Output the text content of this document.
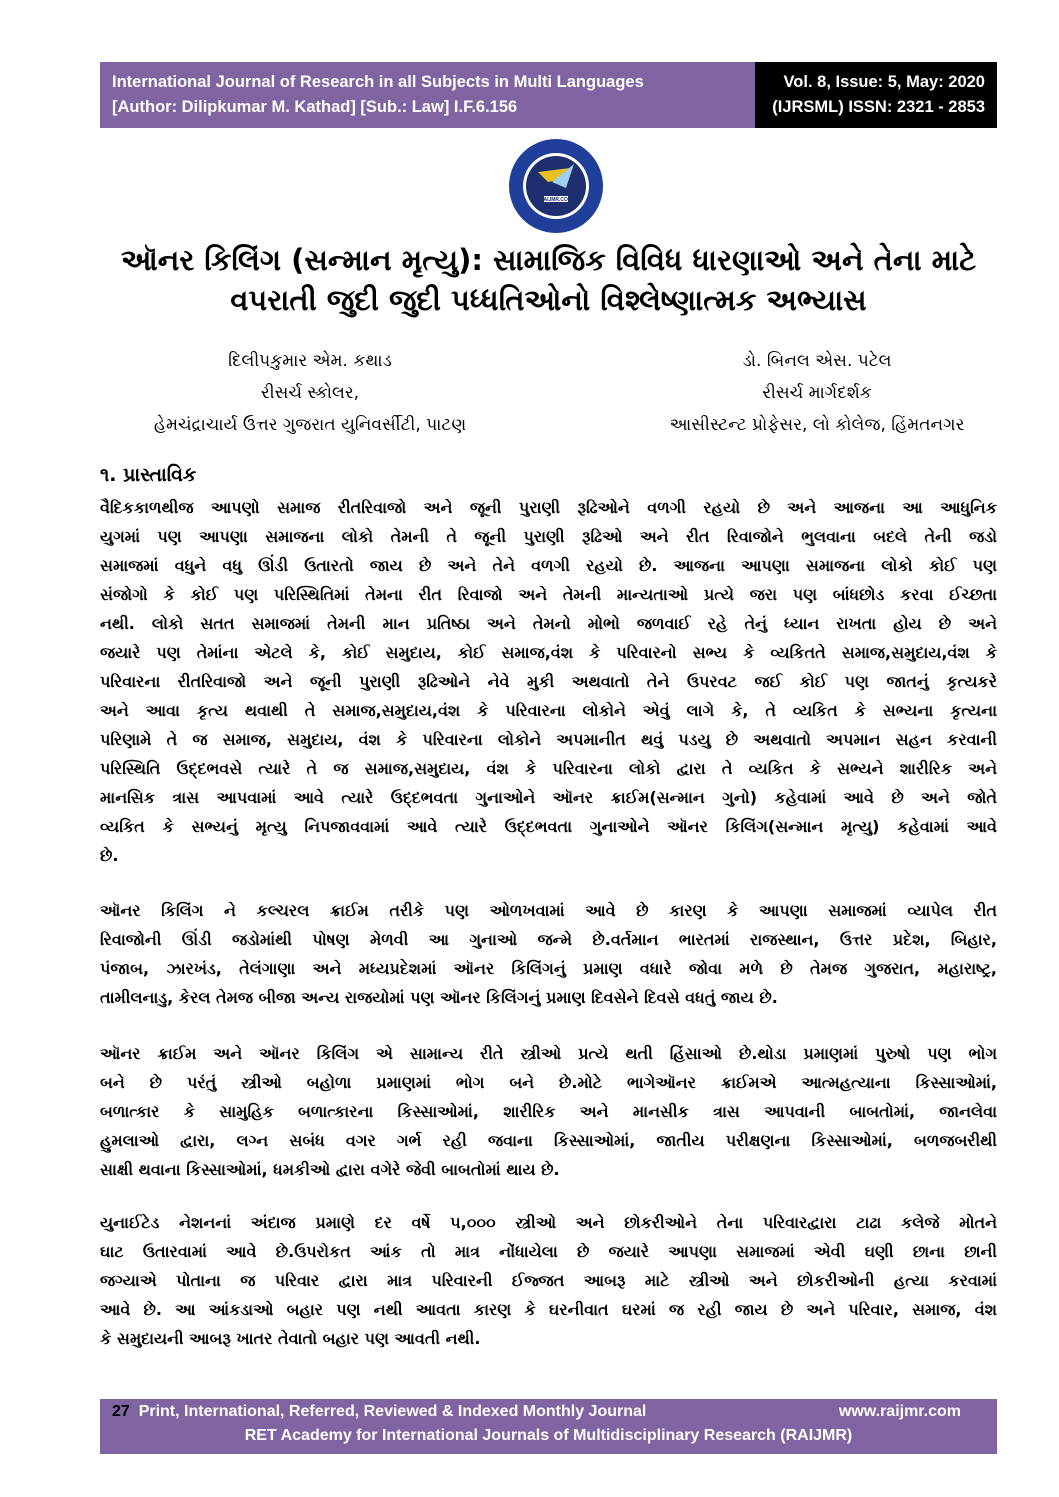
International Journal of Research in all Subjects in Multi Languages
[Author: Dilipkumar M. Kathad] [Sub.: Law] I.F.6.156
Vol. 8, Issue: 5, May: 2020
(IJRSML) ISSN: 2321 - 2853
RAIJMR.COM
ઑનર કિલિંગ (સન્માન મૃત્યુ): સામાજિક વિવિધ ધારણાઓ અને તેના માટે
વપરાતી જુદી જુદી પધ્ધતિઓનો વિશ્લેષ્ણાત્મક અભ્યાસ
દિલીપકુમાર એમ. કથાડ
રીસર્ચ સ્કોલર,
હેમચંદ્રાચાર્ય ઉત્તર ગુજરાત યુનિવર્સીટી, પાટણ
ડો. બિનલ એસ. પટેલ
રીસર્ચ માર્ગદર્શક
આસીસ્ટન્ટ પ્રોફેસર, લો કોલેજ, હિંમતનગર
૧. પ્રાસ્તાવિક
વૈદિકકાળથીજ આપણો સમાજ રીતરિવાજો અને જૂની પુરાણી રૂઢિઓને વળગી રહયો છે અને આજના આ આધુનિક
યુગમાં પણ આપણા સમાજના લોકો તેમની તે જૂની પુરાણી રૂઢિઓ અને રીત રિવાજોને ભુલવાના બદલે તેની જડો
સમાજમાં વધુને વધુ ઊંડી ઉતારતો જાય છે અને તેને વળગી રહયો છે. આજના આપણા સમાજના લોકો કોઈ પણ
સંજોગો કે કોઈ પણ પરિસ્થિતિમાં તેમના રીત રિવાજો અને તેમની માન્યતાઓ પ્રત્યે જરા પણ બાંધછોડ કરવા ઈચ્છતા
નથી. લોકો સતત સમાજમાં તેમની માન પ્રતિષ્ઠા અને તેમનો મોભો જળવાઈ રહે તેનું ધ્યાન રાખતા હોય છે અને
જયારે પણ તેમાંના એટલે કે, કોઈ સમુદાય, કોઈ સમાજ,વંશ કે પરિવારનો સભ્ય કે વ્યકિતતે સમાજ,સમુદાય,વંશ કે
પરિવારના રીતરિવાજો અને જૂની પુરાણી રૂઢિઓને નેવે મુકી અથવાતો તેને ઉપરવટ જઈ કોઈ પણ જાતનું કૃત્યકરે
અને આવા કૃત્ય થવાથી તે સમાજ,સમુદાય,વંશ કે પરિવારના લોકોને એવું લાગે કે, તે વ્યકિત કે સભ્યના કૃત્યના
પરિણામે તે જ સમાજ, સમુદાય, વંશ કે પરિવારના લોકોને અપમાનીત થવું પડયુ છે અથવાતો અપમાન સહન કરવાની
પરિસ્થિતિ ઉદ્દભવસે ત્યારે તે જ સમાજ,સમુદાય, વંશ કે પરિવારના લોકો દ્વારા તે વ્યકિત કે સભ્યને શારીરિક અને
માનસિક ત્રાસ આપવામાં આવે ત્યારે ઉદ્દભવતા ગુનાઓને ઑનર ક્રાઈમ(સન્માન ગુનો) કહેવામાં આવે છે અને જોતે
વ્યકિત કે સભ્યનું મૃત્યુ નિપજાવવામાં આવે ત્યારે ઉદ્દભવતા ગુનાઓને ઑનર કિલિંગ(સન્માન મૃત્યુ) કહેવામાં આવે
છે.
ઑનર કિલિંગ ને કલ્ચરલ ક્રાઈમ તરીકે પણ ઓળખવામાં આવે છે કારણ કે આપણા સમાજમાં વ્યાપેલ રીત
રિવાજોની ઊંડી જડોમાંથી પોષણ મેળવી આ ગુનાઓ જન્મે છે.વર્તમાન ભારતમાં રાજસ્થાન, ઉત્તર પ્રદેશ, બિહાર,
પંજાબ, ઝારખંડ, તેલંગાણા અને મધ્યપ્રદેશમાં ઑનર કિલિંગનું પ્રમાણ વધારે જોવા મળે છે તેમજ ગુજરાત, મહારાષ્ટ્ર,
તામીલનાડુ, કેરલ તેમજ બીજા અન્ય રાજયોમાં પણ ઑનર કિલિંગનું પ્રમાણ દિવસેને દિવસે વધતું જાય છે.
ઑનર ક્રાઈમ અને ઑનર કિલિંગ એ સામાન્ય રીતે સ્ત્રીઓ પ્રત્યે થતી હિંસાઓ છે.થોડા પ્રમાણમાં પુરુષો પણ ભોગ
બને છે પરંતું સ્ત્રીઓ બહોળા પ્રમાણમાં ભોગ બને છે.મોટે ભાગેઑનર ક્રાઈમએ આત્મહત્યાના કિસ્સાઓમાં,
બળાત્કાર કે સામુહિક બળાત્કારના કિસ્સાઓમાં, શારીરિક અને માનસીક ત્રાસ આપવાની બાબતોમાં, જાનલેવા
હુમલાઓ દ્વારા, લગ્ન સબંધ વગર ગર્ભ રહી જવાના કિસ્સાઓમાં, જાતીય પરીક્ષણના કિસ્સાઓમાં, બળજબરીથી
સાક્ષી થવાના કિસ્સાઓમાં, ધમકીઓ દ્વારા વગેરે જેવી બાબતોમાં થાય છે.
યુનાઈટેડ નેશનનાં અંદાજ પ્રમાણે દર વર્ષે ૫,૦૦૦ સ્ત્રીઓ અને છોકરીઓને તેના પરિવારદ્વારા ટાઢા કલેજે મોતને
ઘાટ ઉતારવામાં આવે છે.ઉપરોકત આંક તો માત્ર નોંધાયેલા છે જયારે આપણા સમાજમાં એવી ઘણી છાના છાની
જગ્યાએ પોતાના જ પરિવાર દ્વારા માત્ર પરિવારની ઈજ્જત આબરૂ માટે સ્ત્રીઓ અને છોકરીઓની હત્યા કરવામાં
આવે છે. આ આંકડાઓ બહાર પણ નથી આવતા કારણ કે ઘરનીવાત ઘરમાં જ રહી જાય છે અને પરિવાર, સમાજ, વંશ
કે સમુદાયની આબરૂ ખાતર તેવાતો બહાર પણ આવતી નથી.
27 Print, International, Referred, Reviewed & Indexed Monthly Journal	www.raijmr.com
RET Academy for International Journals of Multidisciplinary Research (RAIJMR)
